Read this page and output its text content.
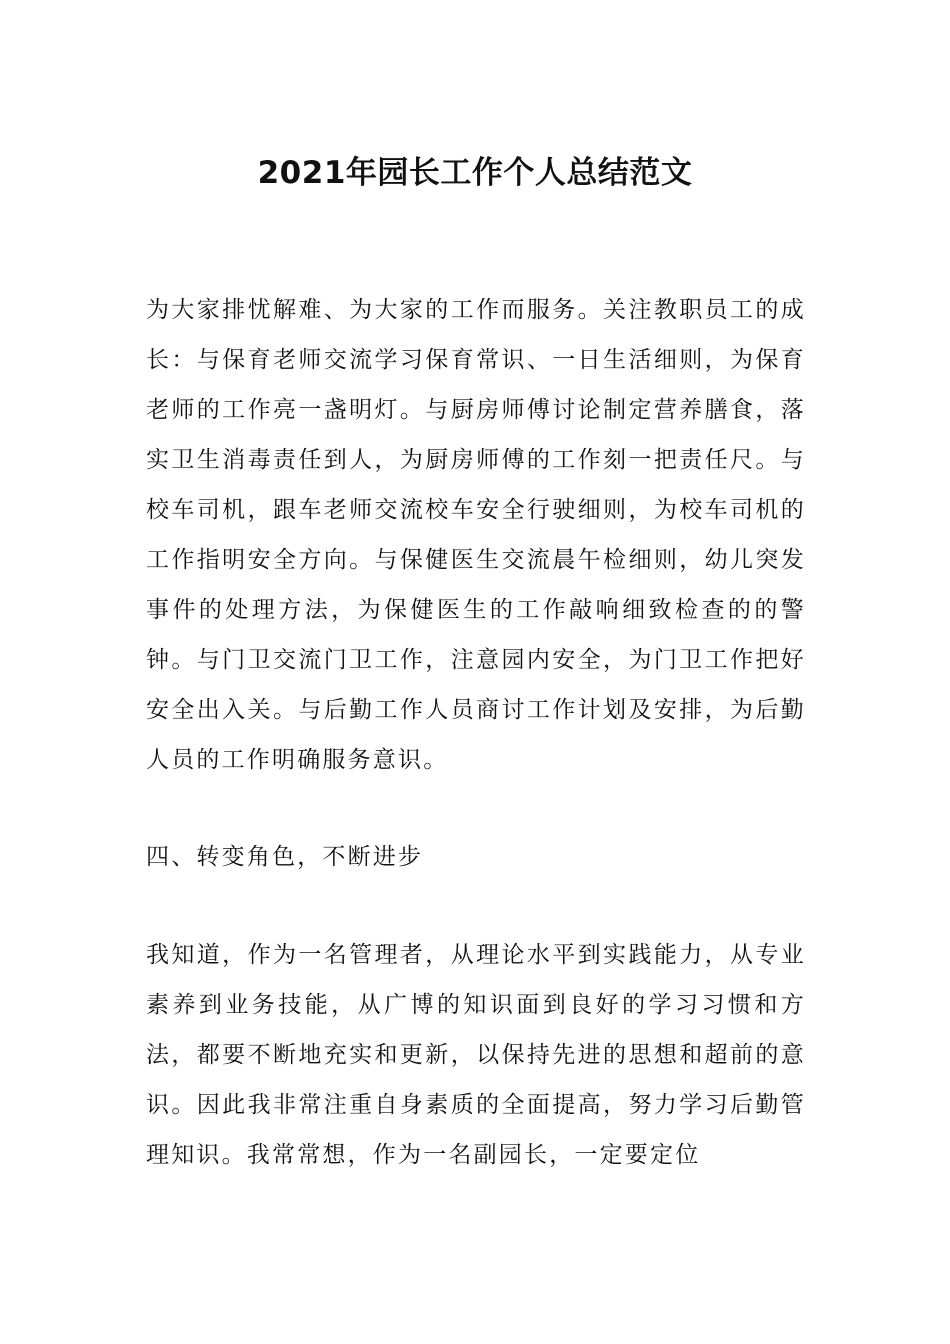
2021年园长工作个人总结范文

为大家排忧解难、为大家的工作而服务。关注教职员工的成长：与保育老师交流学习保育常识、一日生活细则，为保育老师的工作亮一盏明灯。与厨房师傅讨论制定营养膳食，落实卫生消毒责任到人，为厨房师傅的工作刻一把责任尺。与校车司机，跟车老师交流校车安全行驶细则，为校车司机的工作指明安全方向。与保健医生交流晨午检细则，幼儿突发事件的处理方法，为保健医生的工作敲响细致检查的的警钟。与门卫交流门卫工作，注意园内安全，为门卫工作把好安全出入关。与后勤工作人员商讨工作计划及安排，为后勤人员的工作明确服务意识。

四、转变角色，不断进步

我知道，作为一名管理者，从理论水平到实践能力，从专业素养到业务技能，从广博的知识面到良好的学习习惯和方法，都要不断地充实和更新，以保持先进的思想和超前的意识。因此我非常注重自身素质的全面提高，努力学习后勤管理知识。我常常想，作为一名副园长，一定要定位
